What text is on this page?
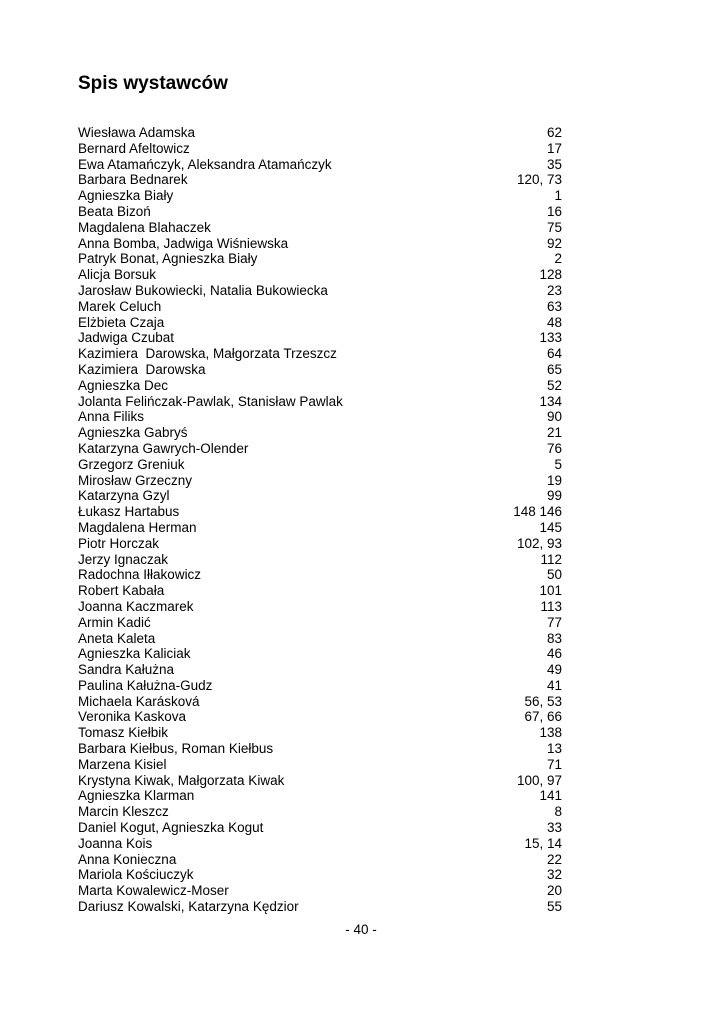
Spis wystawców
Wiesława Adamska	62
Bernard Afeltowicz	17
Ewa Atamańczyk, Aleksandra Atamańczyk	35
Barbara Bednarek	120, 73
Agnieszka Biały	1
Beata Bizoń	16
Magdalena Blahaczek	75
Anna Bomba, Jadwiga Wiśniewska	92
Patryk Bonat, Agnieszka Biały	2
Alicja Borsuk	128
Jarosław Bukowiecki, Natalia Bukowiecka	23
Marek Celuch	63
Elżbieta Czaja	48
Jadwiga Czubat	133
Kazimiera  Darowska, Małgorzata Trzeszcz	64
Kazimiera  Darowska	65
Agnieszka Dec	52
Jolanta Felińczak-Pawlak, Stanisław Pawlak	134
Anna Filiks	90
Agnieszka Gabryś	21
Katarzyna Gawrych-Olender	76
Grzegorz Greniuk	5
Mirosław Grzeczny	19
Katarzyna Gzyl	99
Łukasz Hartabus	148 146
Magdalena Herman	145
Piotr Horczak	102, 93
Jerzy Ignaczak	112
Radochna Iłłakowicz	50
Robert Kabała	101
Joanna Kaczmarek	113
Armin Kadić	77
Aneta Kaleta	83
Agnieszka Kaliciak	46
Sandra Kałużna	49
Paulina Kałużna-Gudz	41
Michaela Karásková	56, 53
Veronika Kaskova	67, 66
Tomasz Kiełbik	138
Barbara Kiełbus, Roman Kiełbus	13
Marzena Kisiel	71
Krystyna Kiwak, Małgorzata Kiwak	100, 97
Agnieszka Klarman	141
Marcin Kleszcz	8
Daniel Kogut, Agnieszka Kogut	33
Joanna Kois	15, 14
Anna Konieczna	22
Mariola Kościuczyk	32
Marta Kowalewicz-Moser	20
Dariusz Kowalski, Katarzyna Kędzior	55
- 40 -
